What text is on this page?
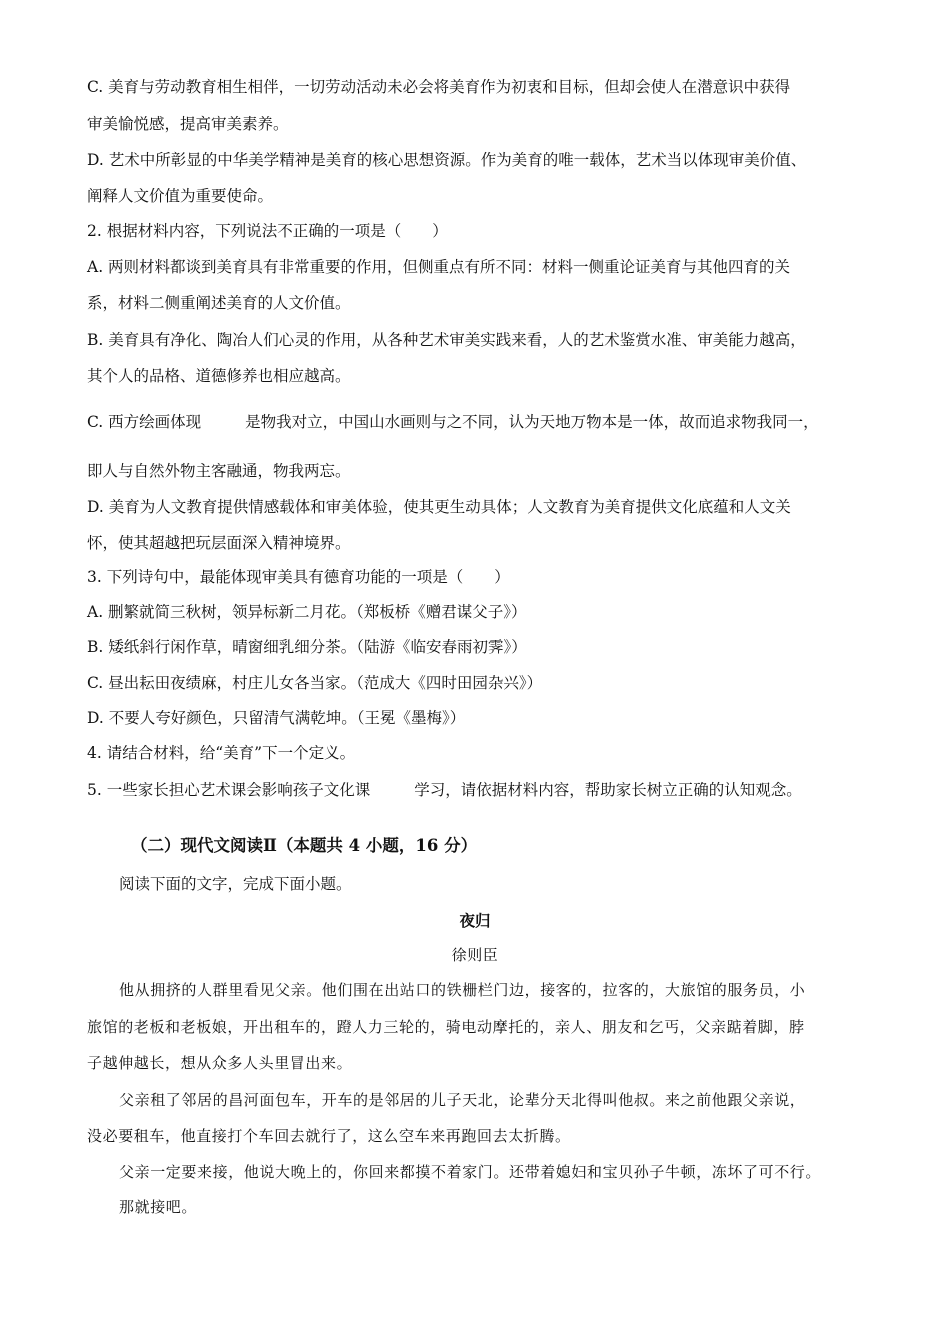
C. 美育与劳动教育相生相伴，一切劳动活动未必会将美育作为初衷和目标，但却会使人在潜意识中获得
审美愉悦感，提高审美素养。
D. 艺术中所彰显的中华美学精神是美育的核心思想资源。作为美育的唯一载体，艺术当以体现审美价值、
阐释人文价值为重要使命。
2. 根据材料内容，下列说法不正确的一项是（　　）
A. 两则材料都谈到美育具有非常重要的作用，但侧重点有所不同：材料一侧重论证美育与其他四育的关
系，材料二侧重阐述美育的人文价值。
B. 美育具有净化、陶冶人们心灵的作用，从各种艺术审美实践来看，人的艺术鉴赏水准、审美能力越高，
其个人的品格、道德修养也相应越高。
C. 西方绘画体现	是物我对立，中国山水画则与之不同，认为天地万物本是一体，故而追求物我同一，
即人与自然外物主客融通，物我两忘。
D. 美育为人文教育提供情感载体和审美体验，使其更生动具体；人文教育为美育提供文化底蕴和人文关
怀，使其超越把玩层面深入精神境界。
3. 下列诗句中，最能体现审美具有德育功能的一项是（　　）
A. 删繁就简三秋树，领异标新二月花。（郑板桥《赠君谋父子》）
B. 矮纸斜行闲作草，晴窗细乳细分茶。（陆游《临安春雨初霁》）
C. 昼出耘田夜绩麻，村庄儿女各当家。（范成大《四时田园杂兴》）
D. 不要人夸好颜色，只留清气满乾坤。（王冕《墨梅》）
4. 请结合材料，给“美育”下一个定义。
5. 一些家长担心艺术课会影响孩子文化课	学习，请依据材料内容，帮助家长树立正确的认知观念。
（二）现代文阅读Ⅱ（本题共 4 小题，16 分）
阅读下面的文字，完成下面小题。
夜归
徐则臣
他从拥挤的人群里看见父亲。他们围在出站口的铁栅栏门边，接客的，拉客的，大旅馆的服务员，小
旅馆的老板和老板娘，开出租车的，蹬人力三轮的，骑电动摩托的，亲人、朋友和乞丐，父亲踮着脚，脖
子越伸越长，想从众多人头里冒出来。
父亲租了邻居的昌河面包车，开车的是邻居的儿子天北，论辈分天北得叫他叔。来之前他跟父亲说，
没必要租车，他直接打个车回去就行了，这么空车来再跑回去太折腾。
父亲一定要来接，他说大晚上的，你回来都摸不着家门。还带着媳妇和宝贝孙子牛顿，冻坏了可不行。
那就接吧。
